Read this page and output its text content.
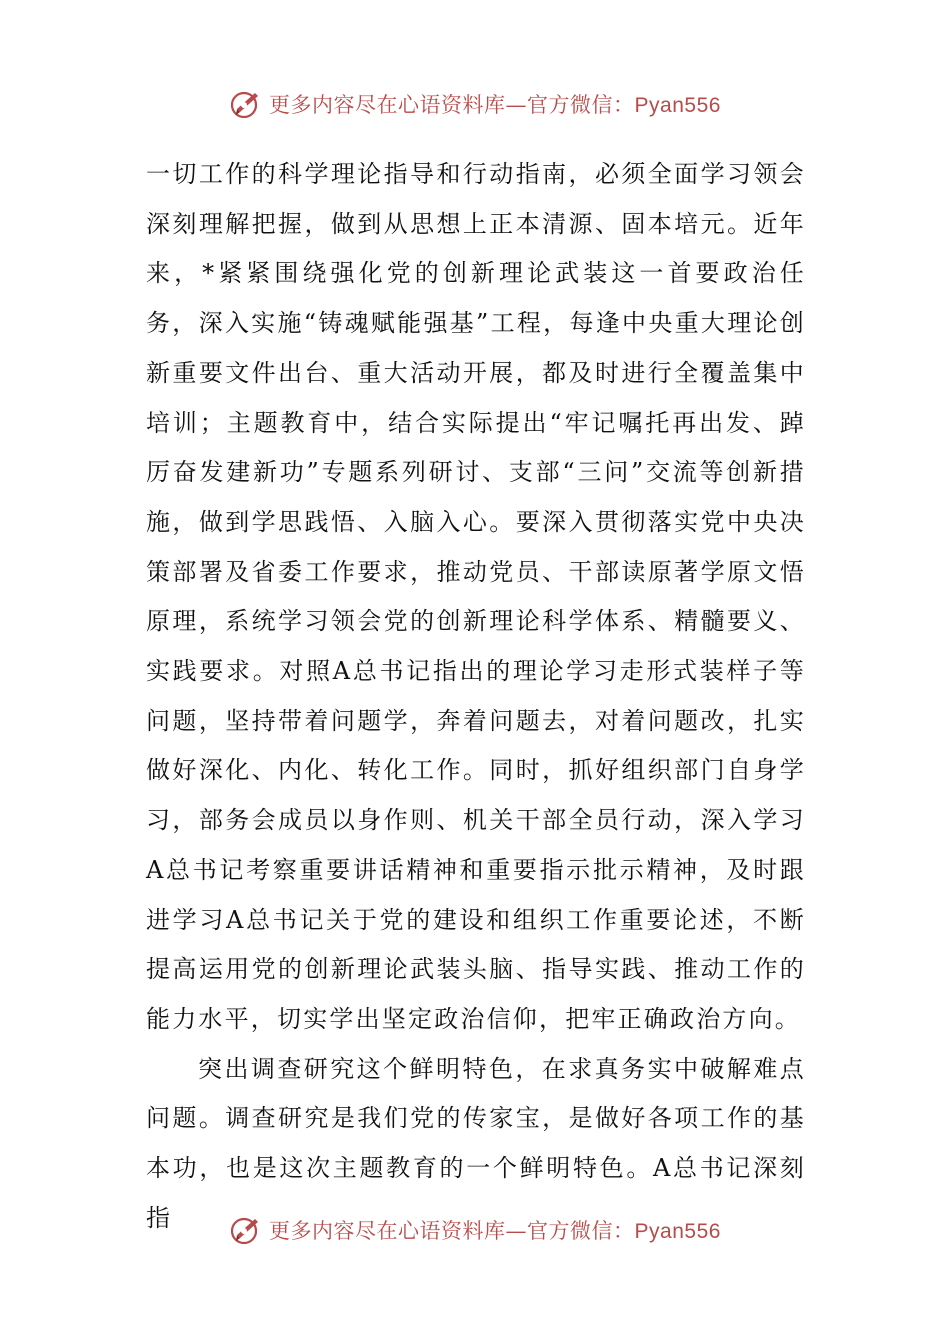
更多内容尽在心语资料库—官方微信：Pyan556

一切工作的科学理论指导和行动指南，必须全面学习领会深刻理解把握，做到从思想上正本清源、固本培元。近年来，*紧紧围绕强化党的创新理论武装这一首要政治任务，深入实施“铸魂赋能强基”工程，每逢中央重大理论创新重要文件出台、重大活动开展，都及时进行全覆盖集中培训；主题教育中，结合实际提出“牢记嘱托再出发、踔厉奋发建新功”专题系列研讨、支部“三问”交流等创新措施，做到学思践悟、入脑入心。要深入贯彻落实党中央决策部署及省委工作要求，推动党员、干部读原著学原文悟原理，系统学习领会党的创新理论科学体系、精髓要义、实践要求。对照A总书记指出的理论学习走形式装样子等问题，坚持带着问题学，奔着问题去，对着问题改，扎实做好深化、内化、转化工作。同时，抓好组织部门自身学习，部务会成员以身作则、机关干部全员行动，深入学习A总书记考察重要讲话精神和重要指示批示精神，及时跟进学习A总书记关于党的建设和组织工作重要论述，不断提高运用党的创新理论武装头脑、指导实践、推动工作的能力水平，切实学出坚定政治信仰，把牢正确政治方向。

突出调查研究这个鲜明特色，在求真务实中破解难点问题。调查研究是我们党的传家宝，是做好各项工作的基本功，也是这次主题教育的一个鲜明特色。A总书记深刻指	更多内容尽在心语资料库—官方微信：Pyan556
